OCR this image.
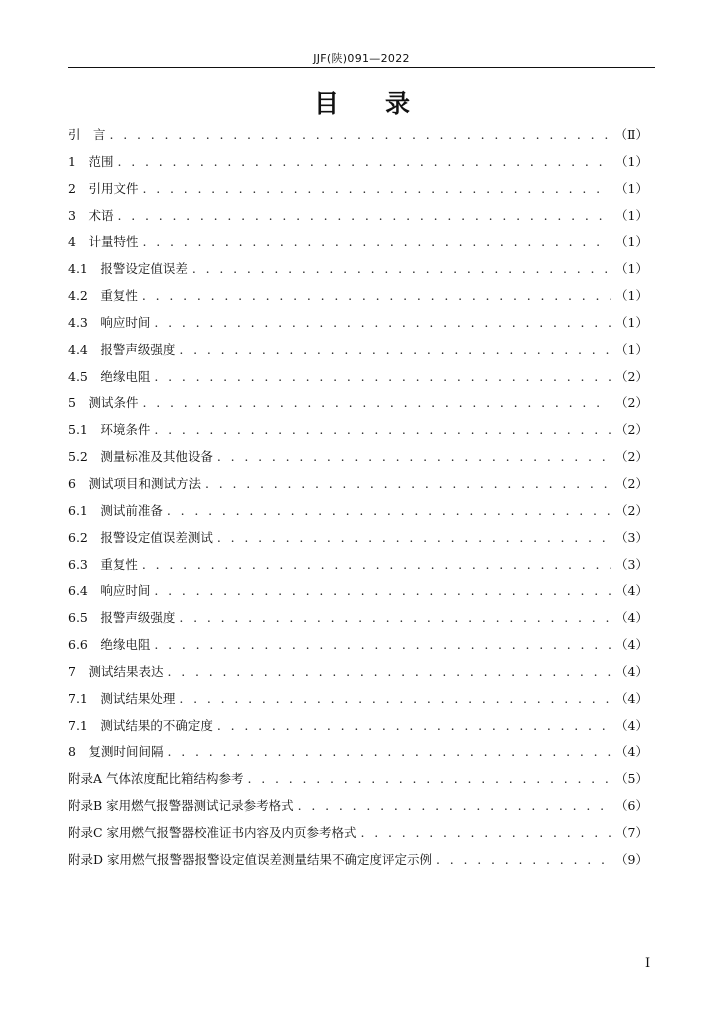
JJF(陕)091—2022
目录
引　言 . . .	（Ⅱ）
1　范围 . . .	（1）
2　引用文件 . . .	（1）
3　术语 . . .	（1）
4　计量特性 . . .	（1）
4.1　报警设定值误差 . . .	（1）
4.2　重复性 . . .	（1）
4.3　响应时间 . . .	（1）
4.4　报警声级强度 . . .	（1）
4.5　绝缘电阻 . . .	（2）
5　测试条件 . . .	（2）
5.1　环境条件 . . .	（2）
5.2　测量标准及其他设备 . . .	（2）
6　测试项目和测试方法 . . .	（2）
6.1　测试前准备 . . .	（2）
6.2　报警设定值误差测试 . . .	（3）
6.3　重复性 . . .	（3）
6.4　响应时间 . . .	（4）
6.5　报警声级强度 . . .	（4）
6.6　绝缘电阻 . . .	（4）
7　测试结果表达 . . .	（4）
7.1　测试结果处理 . . .	（4）
7.1　测试结果的不确定度 . . .	（4）
8　复测时间间隔 . . .	（4）
附录A 气体浓度配比箱结构参考 . . .	（5）
附录B 家用燃气报警器测试记录参考格式 . . .	（6）
附录C 家用燃气报警器校准证书内容及内页参考格式 . . .	（7）
附录D 家用燃气报警器报警设定值误差测量结果不确定度评定示例 . . .	（9）
I
